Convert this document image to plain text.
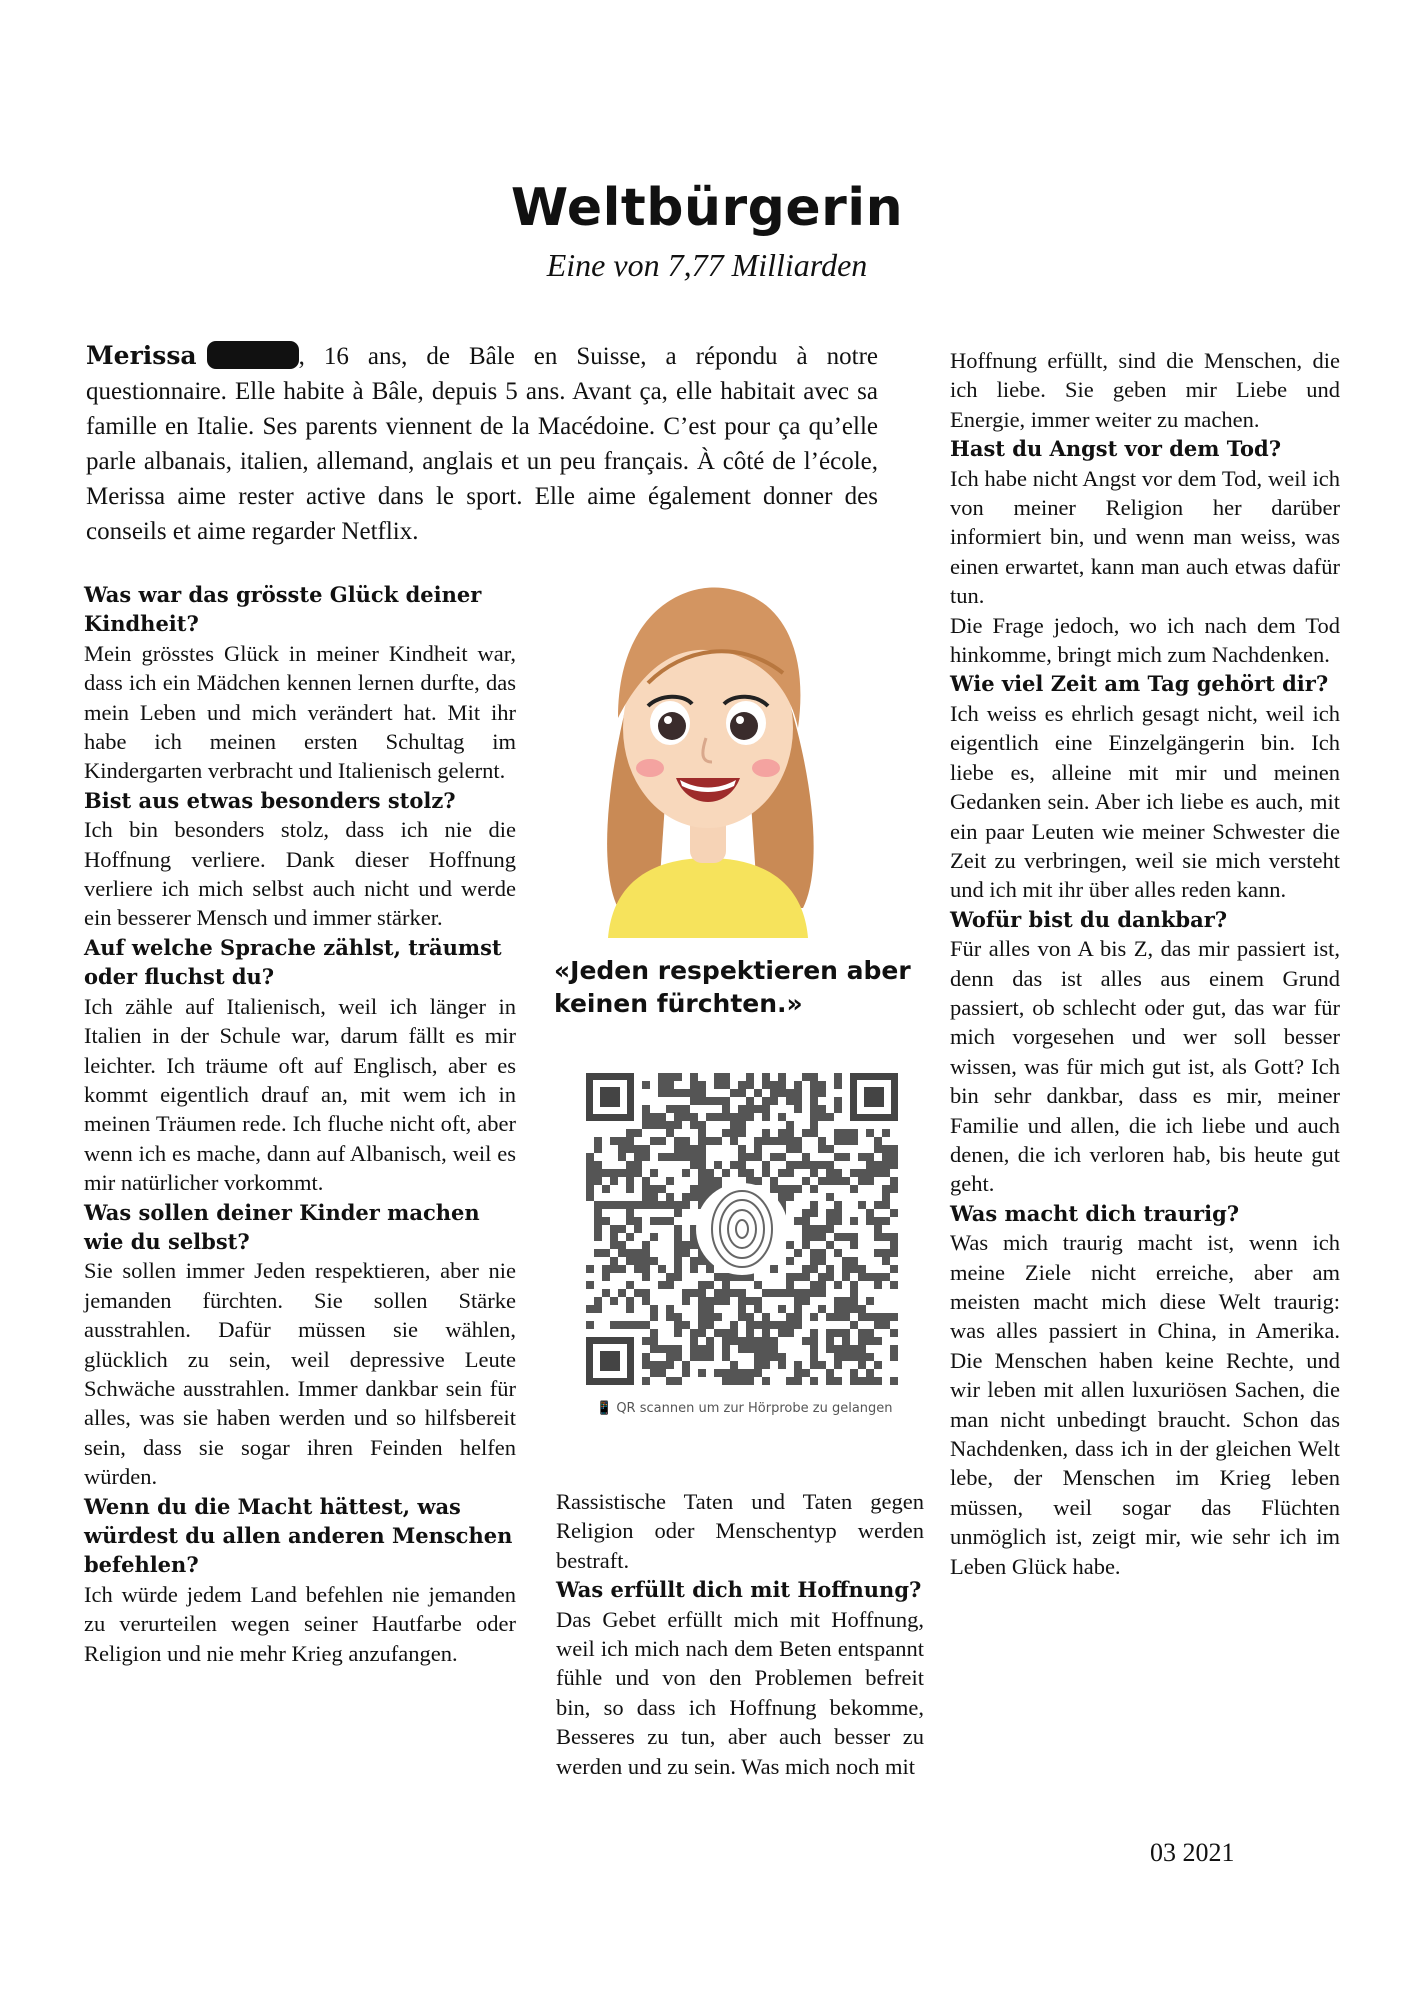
Weltbürgerin
Eine von 7,77 Milliarden
Merissa	, 16 ans, de Bâle en Suisse, a répondu à notre questionnaire. Elle habite à Bâle, depuis 5 ans. Avant ça, elle habitait avec sa famille en Italie. Ses parents viennent de la Macédoine. C’est pour ça qu’elle parle albanais, italien, allemand, anglais et un peu français. À côté de l’école, Merissa aime rester active dans le sport. Elle aime également donner des conseils et aime regarder Netflix.
Was war das grösste Glück deiner Kindheit?

Mein grösstes Glück in meiner Kindheit war, dass ich ein Mädchen kennen lernen durfte, das mein Leben und mich verändert hat. Mit ihr habe ich meinen ersten Schultag im Kindergarten verbracht und Italienisch gelernt.

Bist aus etwas besonders stolz?

Ich bin besonders stolz, dass ich nie die Hoffnung verliere. Dank dieser Hoffnung verliere ich mich selbst auch nicht und werde ein besserer Mensch und immer stärker.

Auf welche Sprache zählst, träumst oder fluchst du?

Ich zähle auf Italienisch, weil ich länger in Italien in der Schule war, darum fällt es mir leichter. Ich träume oft auf Englisch, aber es kommt eigentlich drauf an, mit wem ich in meinen Träumen rede. Ich fluche nicht oft, aber wenn ich es mache, dann auf Albanisch, weil es mir natürlicher vorkommt.

Was sollen deiner Kinder machen wie du selbst?

Sie sollen immer Jeden respektieren, aber nie jemanden fürchten. Sie sollen Stärke ausstrahlen. Dafür müssen sie wählen, glücklich zu sein, weil depressive Leute Schwäche ausstrahlen. Immer dankbar sein für alles, was sie haben werden und so hilfsbereit sein, dass sie sogar ihren Feinden helfen würden.

Wenn du die Macht hättest, was würdest du allen anderen Menschen befehlen?

Ich würde jedem Land befehlen nie jemanden zu verurteilen wegen seiner Hautfarbe oder Religion und nie mehr Krieg anzufangen.

«Jeden respektieren aber keinen fürchten.»
📱 QR scannen um zur Hörprobe zu gelangen

Rassistische Taten und Taten gegen Religion oder Menschentyp werden bestraft.

Was erfüllt dich mit Hoffnung?

Das Gebet erfüllt mich mit Hoffnung, weil ich mich nach dem Beten entspannt fühle und von den Problemen befreit bin, so dass ich Hoffnung bekomme, Besseres zu tun, aber auch besser zu werden und zu sein. Was mich noch mit

Hoffnung erfüllt, sind die Menschen, die ich liebe. Sie geben mir Liebe und Energie, immer weiter zu machen.

Hast du Angst vor dem Tod?

Ich habe nicht Angst vor dem Tod, weil ich von meiner Religion her darüber informiert bin, und wenn man weiss, was einen erwartet, kann man auch etwas dafür tun.

Die Frage jedoch, wo ich nach dem Tod hinkomme, bringt mich zum Nachdenken.

Wie viel Zeit am Tag gehört dir?

Ich weiss es ehrlich gesagt nicht, weil ich eigentlich eine Einzelgängerin bin. Ich liebe es, alleine mit mir und meinen Gedanken sein. Aber ich liebe es auch, mit ein paar Leuten wie meiner Schwester die Zeit zu verbringen, weil sie mich versteht und ich mit ihr über alles reden kann.

Wofür bist du dankbar?

Für alles von A bis Z, das mir passiert ist, denn das ist alles aus einem Grund passiert, ob schlecht oder gut, das war für mich vorgesehen und wer soll besser wissen, was für mich gut ist, als Gott? Ich bin sehr dankbar, dass es mir, meiner Familie und allen, die ich liebe und auch denen, die ich verloren hab, bis heute gut geht.

Was macht dich traurig?

Was mich traurig macht ist, wenn ich meine Ziele nicht erreiche, aber am meisten macht mich diese Welt traurig: was alles passiert in China, in Amerika. Die Menschen haben keine Rechte, und wir leben mit allen luxuriösen Sachen, die man nicht unbedingt braucht. Schon das Nachdenken, dass ich in der gleichen Welt lebe, der Menschen im Krieg leben müssen, weil sogar das Flüchten unmöglich ist, zeigt mir, wie sehr ich im Leben Glück habe.

03 2021
